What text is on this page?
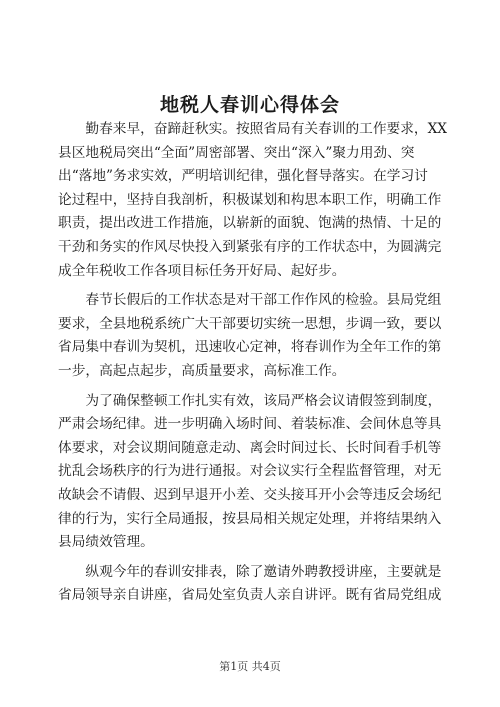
地税人春训心得体会
　　勤春来早，奋蹄赶秋实。按照省局有关春训的工作要求，XX
县区地税局突出“全面”周密部署、突出“深入”聚力用劲、突
出“落地”务求实效，严明培训纪律，强化督导落实。在学习讨
论过程中，坚持自我剖析，积极谋划和构思本职工作，明确工作
职责，提出改进工作措施，以崭新的面貌、饱满的热情、十足的
干劲和务实的作风尽快投入到紧张有序的工作状态中，为圆满完
成全年税收工作各项目标任务开好局、起好步。
　　春节长假后的工作状态是对干部工作作风的检验。县局党组
要求，全县地税系统广大干部要切实统一思想，步调一致，要以
省局集中春训为契机，迅速收心定神，将春训作为全年工作的第
一步，高起点起步，高质量要求，高标准工作。
　　为了确保整顿工作扎实有效，该局严格会议请假签到制度，
严肃会场纪律。进一步明确入场时间、着装标准、会间休息等具
体要求，对会议期间随意走动、离会时间过长、长时间看手机等
扰乱会场秩序的行为进行通报。对会议实行全程监督管理，对无
故缺会不请假、迟到早退开小差、交头接耳开小会等违反会场纪
律的行为，实行全局通报，按县局相关规定处理，并将结果纳入
县局绩效管理。
　　纵观今年的春训安排表，除了邀请外聘教授讲座，主要就是
省局领导亲自讲座，省局处室负责人亲自讲评。既有省局党组成
第1页 共4页
